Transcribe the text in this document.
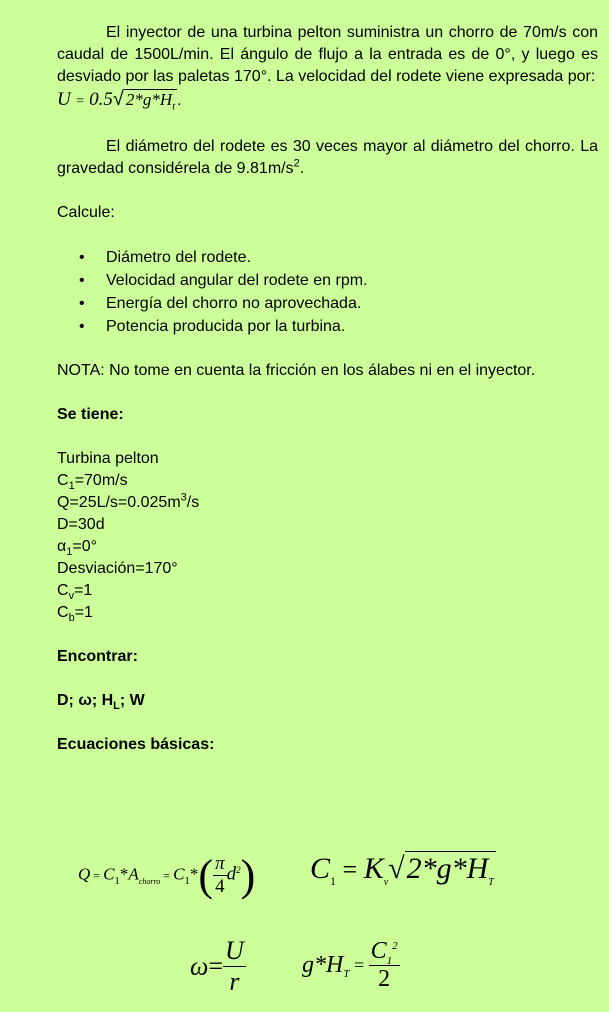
El inyector de una turbina pelton suministra un chorro de 70m/s con caudal de 1500L/min. El ángulo de flujo a la entrada es de 0°, y luego es desviado por las paletas 170°. La velocidad del rodete viene expresada por:

U = 0.5√ $2*g*H_t$ .

El diámetro del rodete es 30 veces mayor al diámetro del chorro. La gravedad considérela de $9.81m/s^2$.

Calcule:

• Diámetro del rodete.
• Velocidad angular del rodete en rpm.
• Energía del chorro no aprovechada.
• Potencia producida por la turbina.

NOTA: No tome en cuenta la fricción en los álabes ni en el inyector.

Se tiene:

Turbina pelton

$C_1=70m/s$

$Q=25L/s=0.025m^3/s$

D=30d

$\alpha_1=0^\circ$

Desviación=170°

$C_v=1$

$C_b=1$

Encontrar:

D; ω; $H_L$; W

Ecuaciones básicas:

$Q = C_1*A_{chorro} = C_1*( \frac{\pi}{4} d^2) C_1 = K_v√2*g*H_T$
$\omega= \frac{U}{r} g*H_T = \frac{C_1^2}{2}$
